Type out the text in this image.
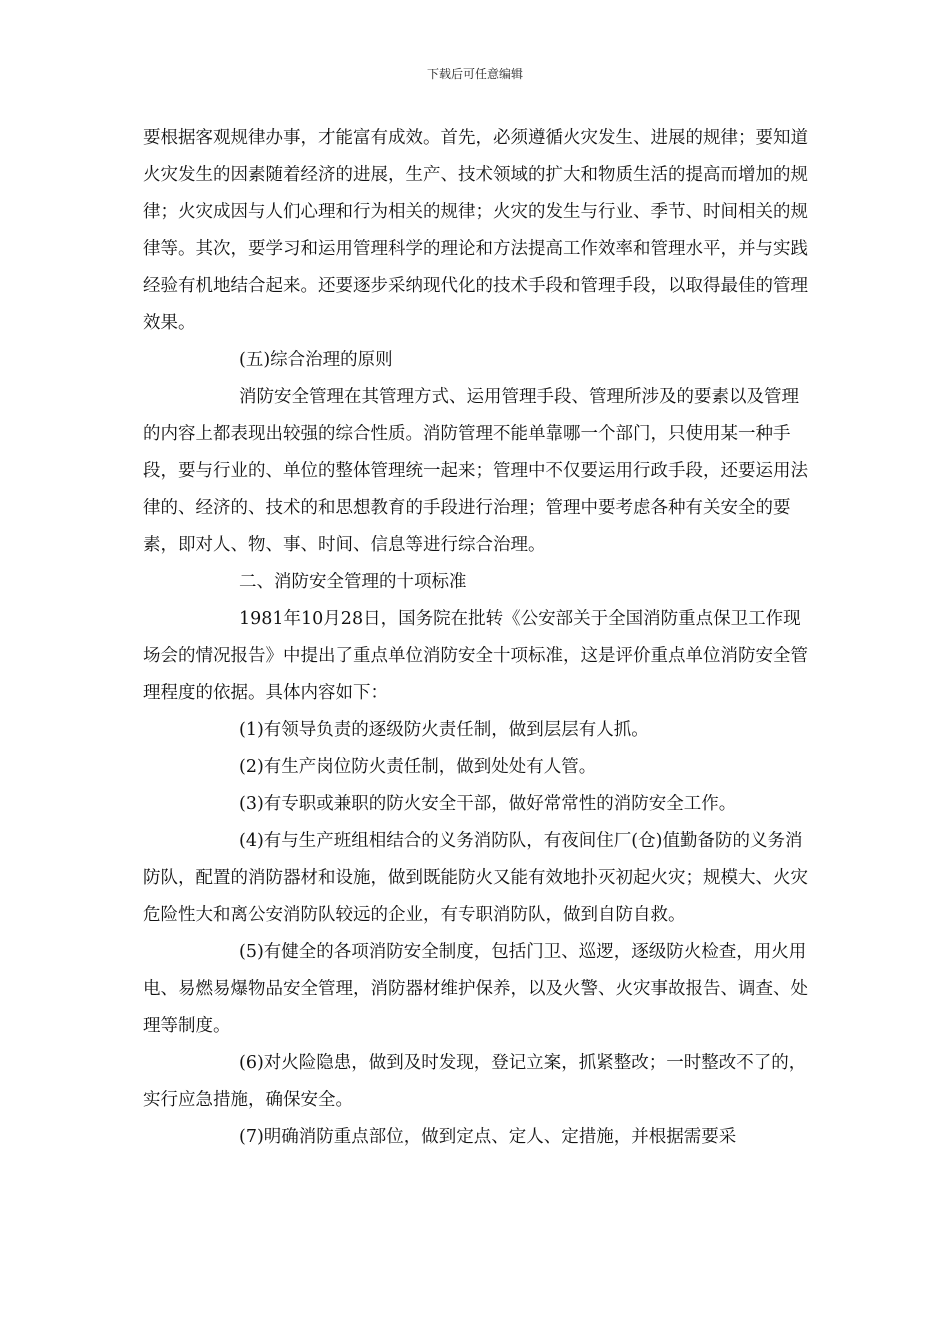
下载后可任意编辑

要根据客观规律办事，才能富有成效。首先，必须遵循火灾发生、进展的规律；要知道火灾发生的因素随着经济的进展，生产、技术领域的扩大和物质生活的提高而增加的规律；火灾成因与人们心理和行为相关的规律；火灾的发生与行业、季节、时间相关的规律等。其次，要学习和运用管理科学的理论和方法提高工作效率和管理水平，并与实践经验有机地结合起来。还要逐步采纳现代化的技术手段和管理手段，以取得最佳的管理效果。

(五)综合治理的原则

消防安全管理在其管理方式、运用管理手段、管理所涉及的要素以及管理的内容上都表现出较强的综合性质。消防管理不能单靠哪一个部门，只使用某一种手段，要与行业的、单位的整体管理统一起来；管理中不仅要运用行政手段，还要运用法律的、经济的、技术的和思想教育的手段进行治理；管理中要考虑各种有关安全的要素，即对人、物、事、时间、信息等进行综合治理。

二、消防安全管理的十项标准

1981年10月28日，国务院在批转《公安部关于全国消防重点保卫工作现场会的情况报告》中提出了重点单位消防安全十项标准，这是评价重点单位消防安全管理程度的依据。具体内容如下：

(1)有领导负责的逐级防火责任制，做到层层有人抓。

(2)有生产岗位防火责任制，做到处处有人管。

(3)有专职或兼职的防火安全干部，做好常常性的消防安全工作。

(4)有与生产班组相结合的义务消防队，有夜间住厂(仓)值勤备防的义务消防队，配置的消防器材和设施，做到既能防火又能有效地扑灭初起火灾；规模大、火灾危险性大和离公安消防队较远的企业，有专职消防队，做到自防自救。

(5)有健全的各项消防安全制度，包括门卫、巡逻，逐级防火检查，用火用电、易燃易爆物品安全管理，消防器材维护保养，以及火警、火灾事故报告、调查、处理等制度。

(6)对火险隐患，做到及时发现，登记立案，抓紧整改；一时整改不了的，实行应急措施，确保安全。

(7)明确消防重点部位，做到定点、定人、定措施，并根据需要采
